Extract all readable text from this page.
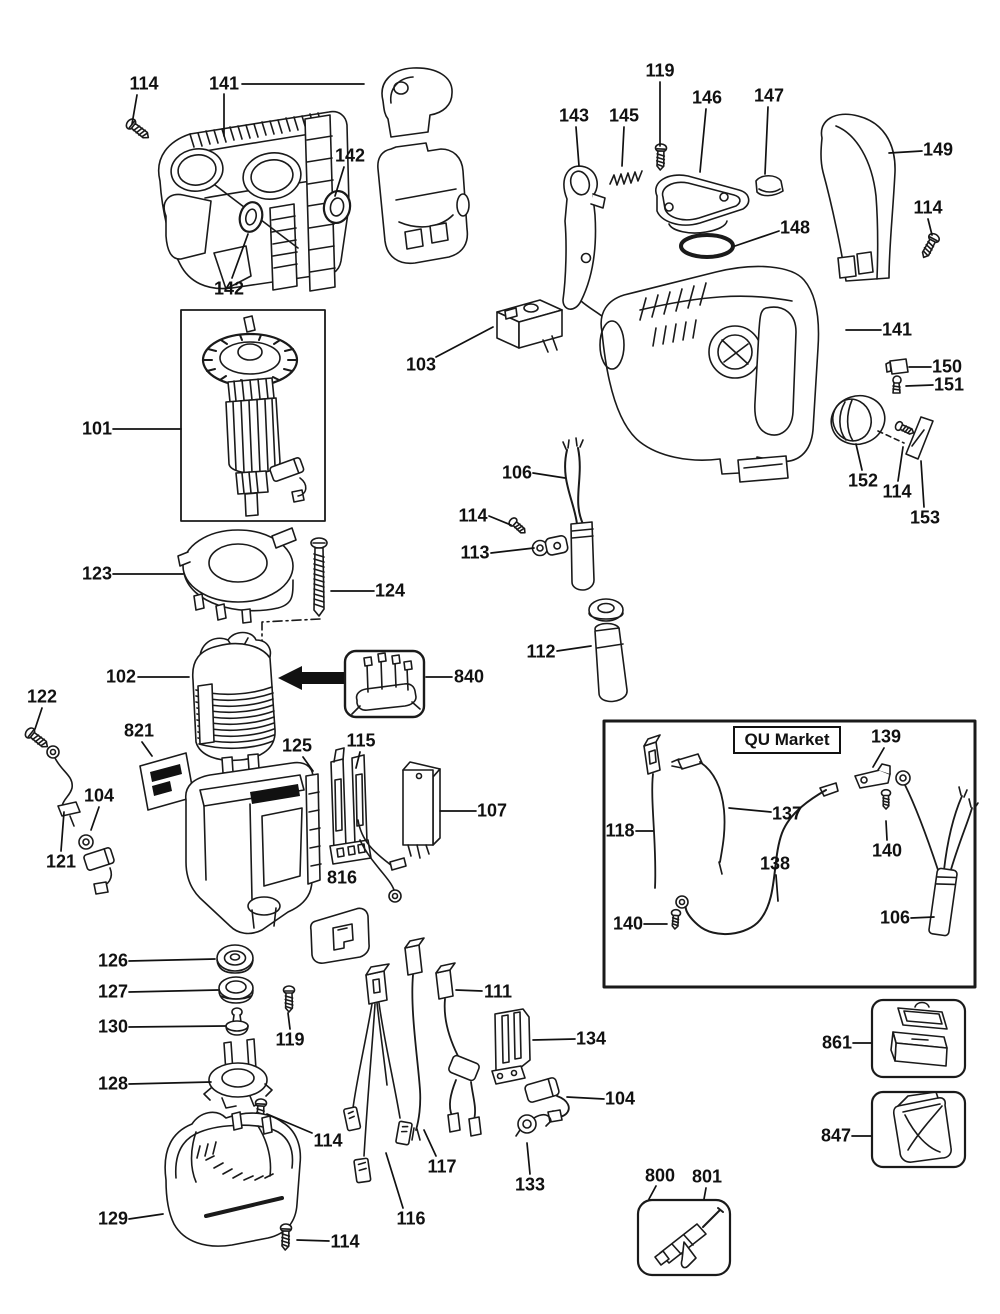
114	141
142
142
101
123
124
102	840
122
821
104
121
125 115
107
816
103
106
114
113
112
119
143 145
146 147
148
149
114
141
150
151
152
114
153
118
137
139
140
138
140	106
126
127
130
119
128
114
111
134
104
133
117
116
129
114
861
847
800 801
QU Market
